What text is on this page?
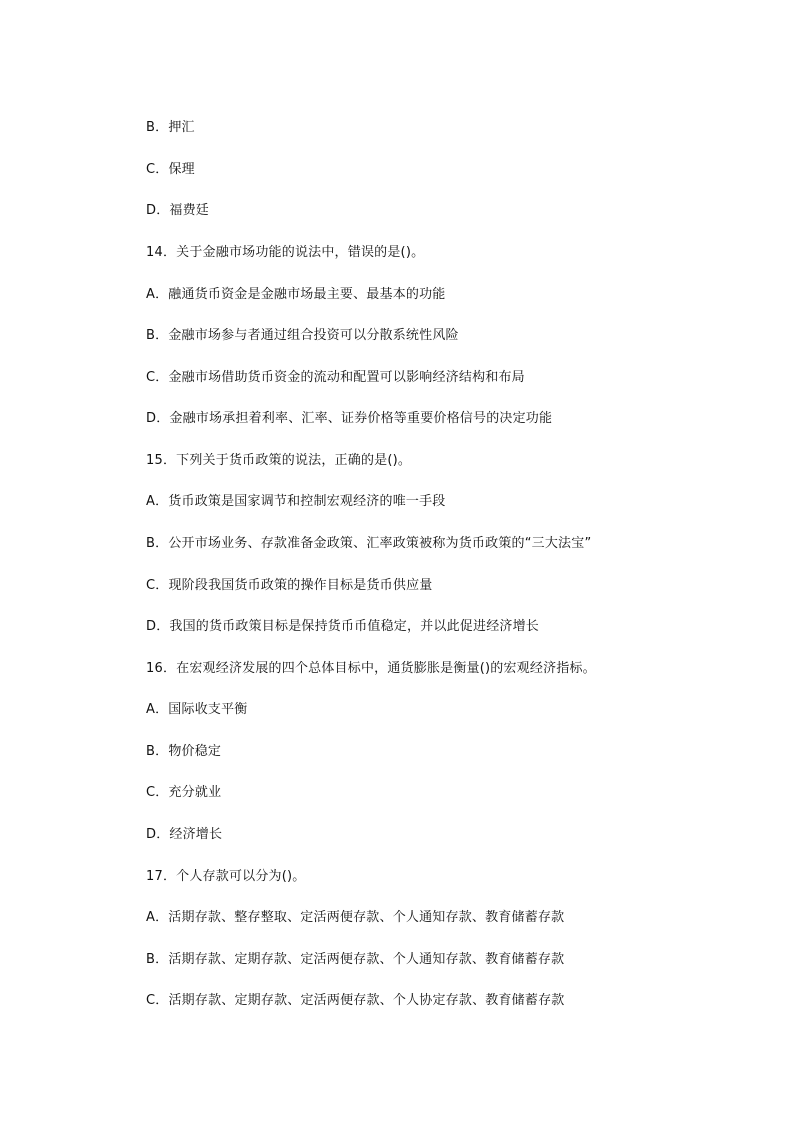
B．押汇
C．保理
D．福费廷
14．关于金融市场功能的说法中，错误的是()。
A．融通货币资金是金融市场最主要、最基本的功能
B．金融市场参与者通过组合投资可以分散系统性风险
C．金融市场借助货币资金的流动和配置可以影响经济结构和布局
D．金融市场承担着利率、汇率、证券价格等重要价格信号的决定功能
15．下列关于货币政策的说法，正确的是()。
A．货币政策是国家调节和控制宏观经济的唯一手段
B．公开市场业务、存款准备金政策、汇率政策被称为货币政策的“三大法宝”
C．现阶段我国货币政策的操作目标是货币供应量
D．我国的货币政策目标是保持货币币值稳定，并以此促进经济增长
16．在宏观经济发展的四个总体目标中，通货膨胀是衡量()的宏观经济指标。
A．国际收支平衡
B．物价稳定
C．充分就业
D．经济增长
17．个人存款可以分为()。
A．活期存款、整存整取、定活两便存款、个人通知存款、教育储蓄存款
B．活期存款、定期存款、定活两便存款、个人通知存款、教育储蓄存款
C．活期存款、定期存款、定活两便存款、个人协定存款、教育储蓄存款
